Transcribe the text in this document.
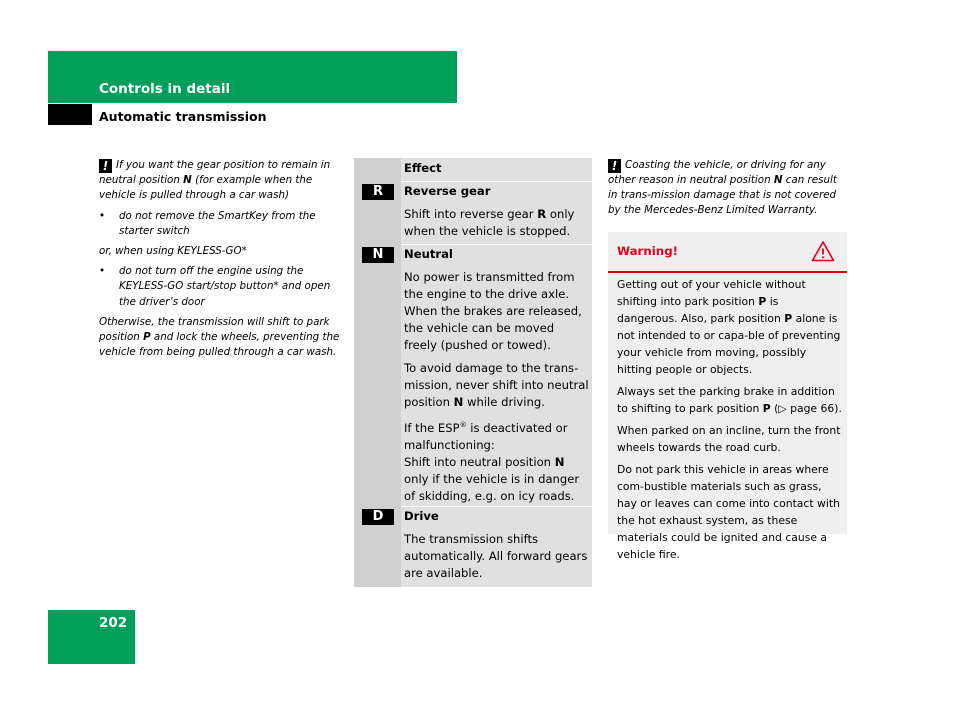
Controls in detail
Automatic transmission

! If you want the gear position to remain in neutral position N (for example when the vehicle is pulled through a car wash)

•	do not remove the SmartKey from the starter switch

or, when using KEYLESS-GO*

•	do not turn off the engine using the KEYLESS-GO start/stop button* and open the driver’s door

Otherwise, the transmission will shift to park position P and lock the wheels, preventing the vehicle from being pulled through a car wash.

Effect
R	Reverse gear
Shift into reverse gear R only when the vehicle is stopped.
N	Neutral
No power is transmitted from the engine to the drive axle. When the brakes are released, the vehicle can be moved freely (pushed or towed).
To avoid damage to the trans-mission, never shift into neutral position N while driving.
If the ESP® is deactivated or malfunctioning:
Shift into neutral position N only if the vehicle is in danger of skidding, e.g. on icy roads.
D	Drive
The transmission shifts automatically. All forward gears are available.
! Coasting the vehicle, or driving for any other reason in neutral position N can result in trans-mission damage that is not covered by the Mercedes-Benz Limited Warranty.
Warning!

Getting out of your vehicle without shifting into park position P is dangerous. Also, park position P alone is not intended to or capa-ble of preventing your vehicle from moving, possibly hitting people or objects.

Always set the parking brake in addition to shifting to park position P (▷ page 66).

When parked on an incline, turn the front wheels towards the road curb.

Do not park this vehicle in areas where com-bustible materials such as grass, hay or leaves can come into contact with the hot exhaust system, as these materials could be ignited and cause a vehicle fire.

202
